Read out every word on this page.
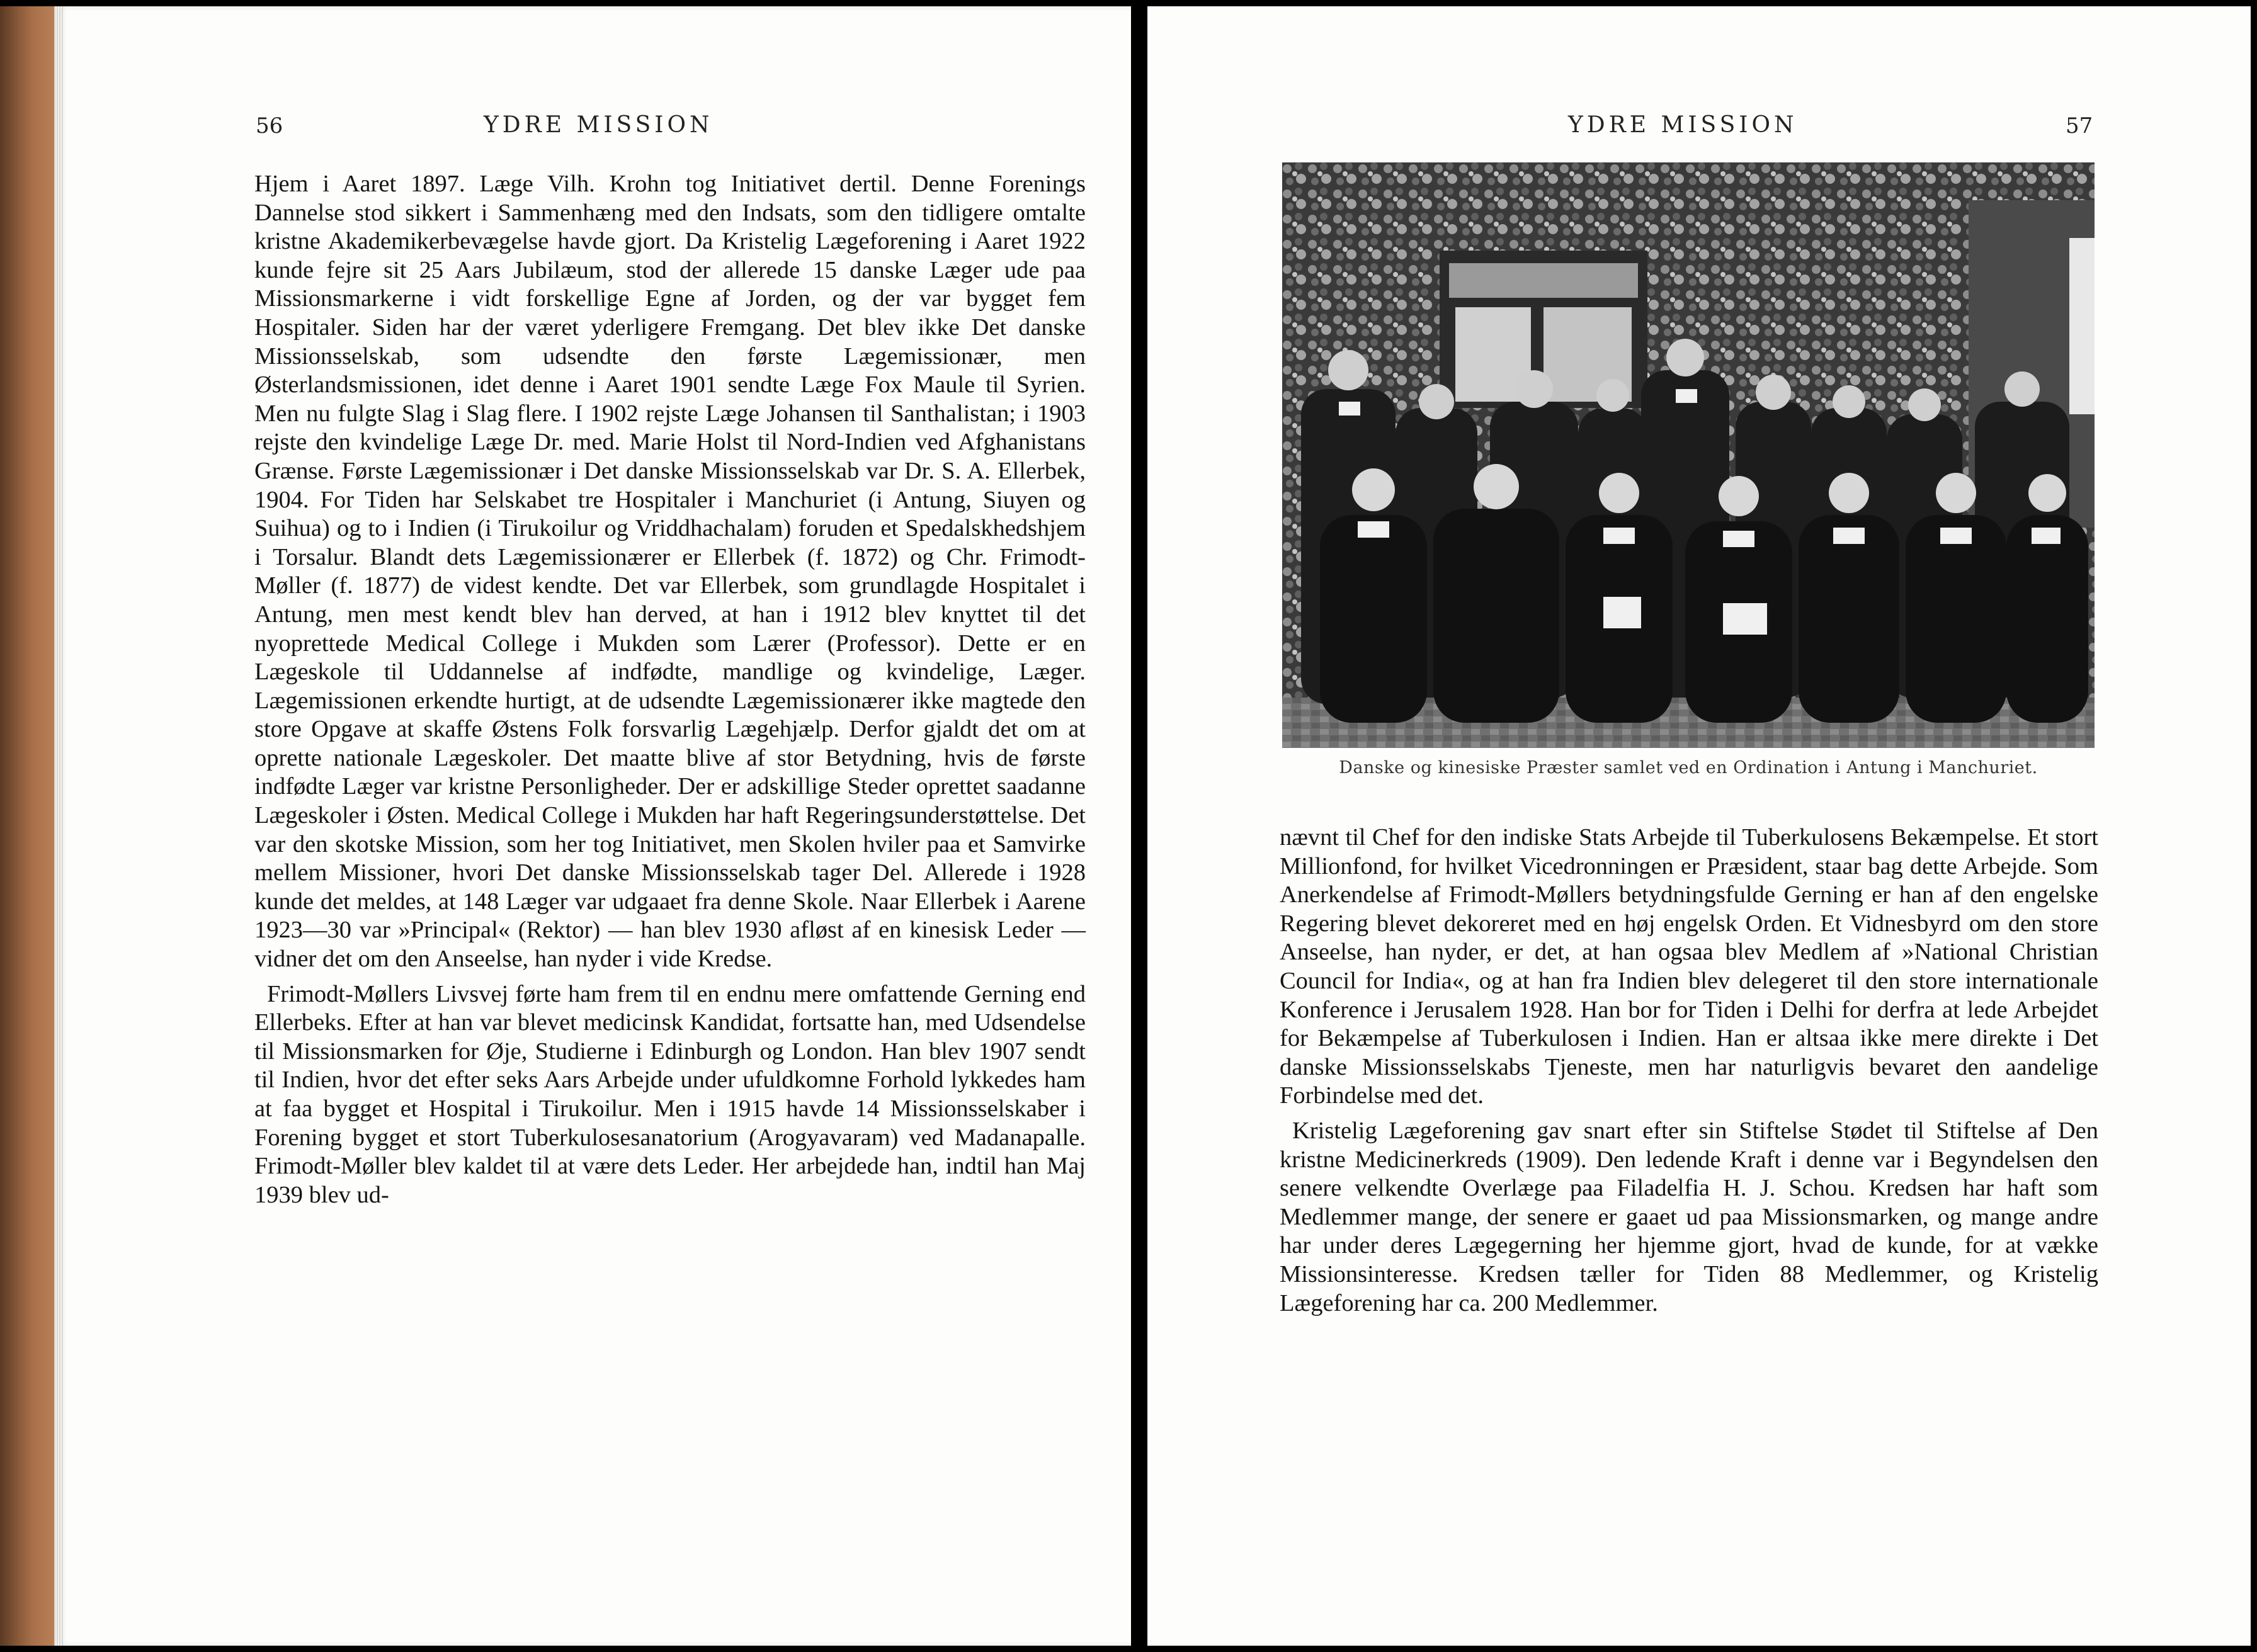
56	YDRE MISSION

Hjem i Aaret 1897. Læge Vilh. Krohn tog Initiativet dertil. Denne Forenings Dannelse stod sikkert i Sammenhæng med den Indsats, som den tidligere omtalte kristne Akademikerbevægelse havde gjort. Da Kristelig Lægeforening i Aaret 1922 kunde fejre sit 25 Aars Jubilæum, stod der allerede 15 danske Læger ude paa Missionsmarkerne i vidt forskellige Egne af Jorden, og der var bygget fem Hospitaler. Siden har der været yderligere Fremgang. Det blev ikke Det danske Missionsselskab, som udsendte den første Lægemissionær, men Østerlandsmissionen, idet denne i Aaret 1901 sendte Læge Fox Maule til Syrien. Men nu fulgte Slag i Slag flere. I 1902 rejste Læge Johansen til Santhalistan; i 1903 rejste den kvindelige Læge Dr. med. Marie Holst til Nord-Indien ved Afghanistans Grænse. Første Lægemissionær i Det danske Missionsselskab var Dr. S. A. Ellerbek, 1904. For Tiden har Selskabet tre Hospitaler i Manchuriet (i Antung, Siuyen og Suihua) og to i Indien (i Tirukoilur og Vriddhachalam) foruden et Spedalskhedshjem i Torsalur. Blandt dets Lægemissionærer er Ellerbek (f. 1872) og Chr. Frimodt-Møller (f. 1877) de videst kendte. Det var Ellerbek, som grundlagde Hospitalet i Antung, men mest kendt blev han derved, at han i 1912 blev knyttet til det nyoprettede Medical College i Mukden som Lærer (Professor). Dette er en Lægeskole til Uddannelse af indfødte, mandlige og kvindelige, Læger. Lægemissionen erkendte hurtigt, at de udsendte Lægemissionærer ikke magtede den store Opgave at skaffe Østens Folk forsvarlig Lægehjælp. Derfor gjaldt det om at oprette nationale Lægeskoler. Det maatte blive af stor Betydning, hvis de første indfødte Læger var kristne Personligheder. Der er adskillige Steder oprettet saadanne Lægeskoler i Østen. Medical College i Mukden har haft Regeringsunderstøttelse. Det var den skotske Mission, som her tog Initiativet, men Skolen hviler paa et Samvirke mellem Missioner, hvori Det danske Missionsselskab tager Del. Allerede i 1928 kunde det meldes, at 148 Læger var udgaaet fra denne Skole. Naar Ellerbek i Aarene 1923—30 var »Principal« (Rektor) — han blev 1930 afløst af en kinesisk Leder — vidner det om den Anseelse, han nyder i vide Kredse.

Frimodt-Møllers Livsvej førte ham frem til en endnu mere omfattende Gerning end Ellerbeks. Efter at han var blevet medicinsk Kandidat, fortsatte han, med Udsendelse til Missionsmarken for Øje, Studierne i Edinburgh og London. Han blev 1907 sendt til Indien, hvor det efter seks Aars Arbejde under ufuldkomne Forhold lykkedes ham at faa bygget et Hospital i Tirukoilur. Men i 1915 havde 14 Missionsselskaber i Forening bygget et stort Tuberkulosesanatorium (Arogyavaram) ved Madanapalle. Frimodt-Møller blev kaldet til at være dets Leder. Her arbejdede han, indtil han Maj 1939 blev ud-

YDRE MISSION	57
Danske og kinesiske Præster samlet ved en Ordination i Antung i Manchuriet.

nævnt til Chef for den indiske Stats Arbejde til Tuberkulosens Bekæmpelse. Et stort Millionfond, for hvilket Vicedronningen er Præsident, staar bag dette Arbejde. Som Anerkendelse af Frimodt-Møllers betydningsfulde Gerning er han af den engelske Regering blevet dekoreret med en høj engelsk Orden. Et Vidnesbyrd om den store Anseelse, han nyder, er det, at han ogsaa blev Medlem af »National Christian Council for India«, og at han fra Indien blev delegeret til den store internationale Konference i Jerusalem 1928. Han bor for Tiden i Delhi for derfra at lede Arbejdet for Bekæmpelse af Tuberkulosen i Indien. Han er altsaa ikke mere direkte i Det danske Missionsselskabs Tjeneste, men har naturligvis bevaret den aandelige Forbindelse med det.

Kristelig Lægeforening gav snart efter sin Stiftelse Stødet til Stiftelse af Den kristne Medicinerkreds (1909). Den ledende Kraft i denne var i Begyndelsen den senere velkendte Overlæge paa Filadelfia H. J. Schou. Kredsen har haft som Medlemmer mange, der senere er gaaet ud paa Missionsmarken, og mange andre har under deres Lægegerning her hjemme gjort, hvad de kunde, for at vække Missionsinteresse. Kredsen tæller for Tiden 88 Medlemmer, og Kristelig Lægeforening har ca. 200 Medlemmer.
